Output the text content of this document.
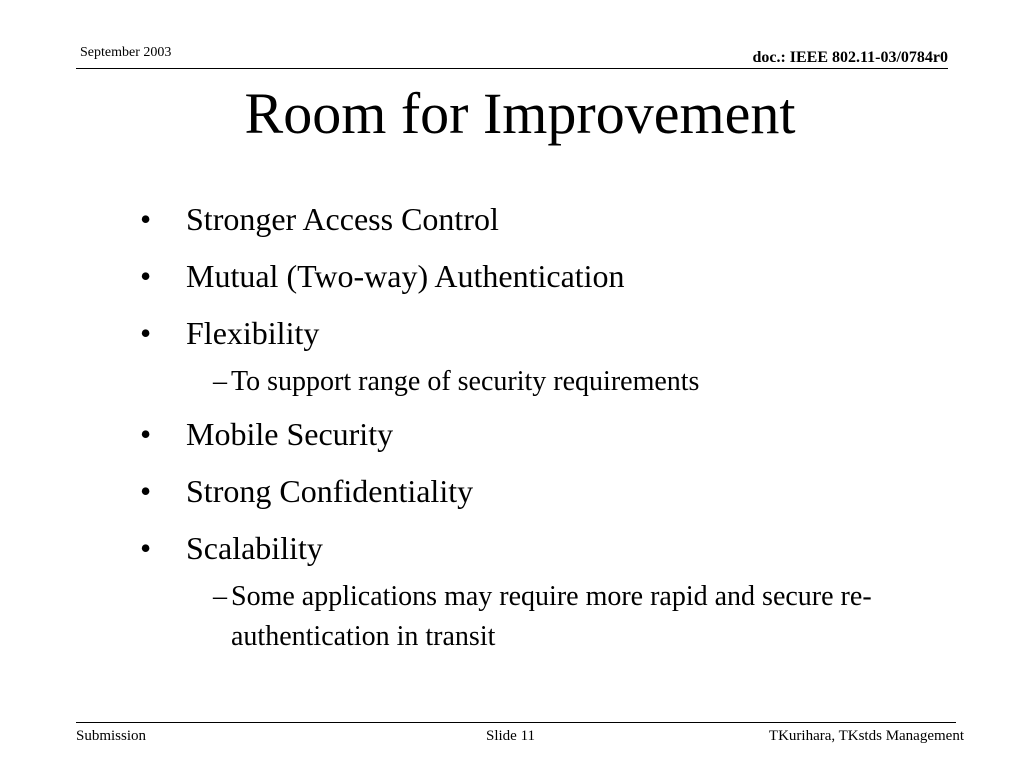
September 2003	doc.: IEEE 802.11-03/0784r0
Room for Improvement
• Stronger Access Control
• Mutual (Two-way) Authentication
• Flexibility
– To support range of security requirements
• Mobile Security
• Strong Confidentiality
• Scalability
– Some applications may require more rapid and secure re-authentication in transit
Submission	Slide 11	TKurihara, TKstds Management
